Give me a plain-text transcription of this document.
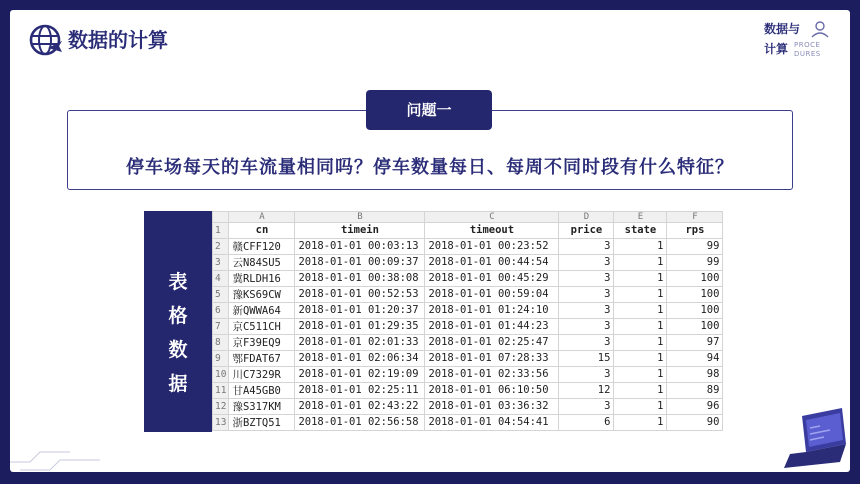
数据的计算	数据与
计算 PROCE
DURES
停车场每天的车流量相同吗？停车数量每日、每周不同时段有什么特征？
问题一
表
格
数
据
	A	B	C	D	E	F
1	cn	timein	timeout	price	state	rps
2	赣CFF120	2018-01-01 00:03:13	2018-01-01 00:23:52	3	1	99
3	云N84SU5	2018-01-01 00:09:37	2018-01-01 00:44:54	3	1	99
4	冀RLDH16	2018-01-01 00:38:08	2018-01-01 00:45:29	3	1	100
5	豫KS69CW	2018-01-01 00:52:53	2018-01-01 00:59:04	3	1	100
6	新QWWA64	2018-01-01 01:20:37	2018-01-01 01:24:10	3	1	100
7	京C511CH	2018-01-01 01:29:35	2018-01-01 01:44:23	3	1	100
8	京F39EQ9	2018-01-01 02:01:33	2018-01-01 02:25:47	3	1	97
9	鄂FDAT67	2018-01-01 02:06:34	2018-01-01 07:28:33	15	1	94
10	川C7329R	2018-01-01 02:19:09	2018-01-01 02:33:56	3	1	98
11	甘A45GB0	2018-01-01 02:25:11	2018-01-01 06:10:50	12	1	89
12	豫S317KM	2018-01-01 02:43:22	2018-01-01 03:36:32	3	1	96
13	浙BZTQ51	2018-01-01 02:56:58	2018-01-01 04:54:41	6	1	90
